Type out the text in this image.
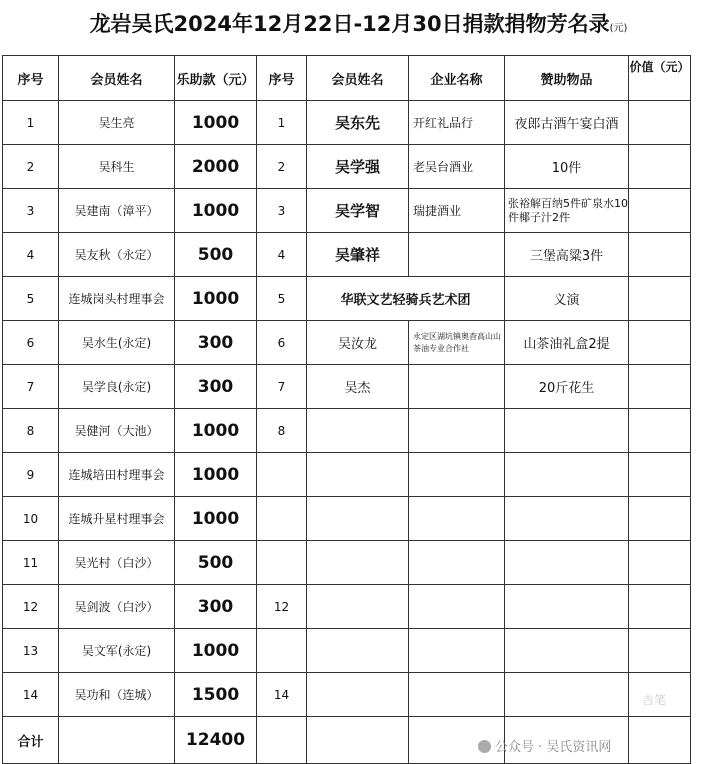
龙岩吴氏2024年12月22日-12月30日捐款捐物芳名录(元)
序号	会员姓名	乐助款（元）	序号	会员姓名	企业名称	赞助物品	价值（元）
1	吴生亮	1000	1	吴东先	开红礼品行	夜郎古酒午宴白酒	
2	吴科生	2000	2	吴学强	老吴台酒业	10件	
3	吴建南（漳平）	1000	3	吴学智	瑞捷酒业	张裕解百纳5件矿泉水10件椰子汁2件	
4	吴友秋（永定）	500	4	吴肇祥		三堡高粱3件	
5	连城岗头村理事会	1000	5	华联文艺轻骑兵艺术团		义演	
6	吴水生(永定)	300	6	吴汝龙	永定区湖坑镇奥杳高山山茶油专业合作社	山茶油礼盒2提	
7	吴学良(永定)	300	7	吴杰		20斤花生	
8	吴健河（大池）	1000	8				
9	连城培田村理事会	1000					
10	连城升星村理事会	1000					
11	吴光村（白沙）	500					
12	吴剑波（白沙）	300	12				
13	吴文军(永定)	1000					
14	吴功和（连城）	1500	14				
合计		12400					
吉笔
公众号 · 吴氏资讯网
